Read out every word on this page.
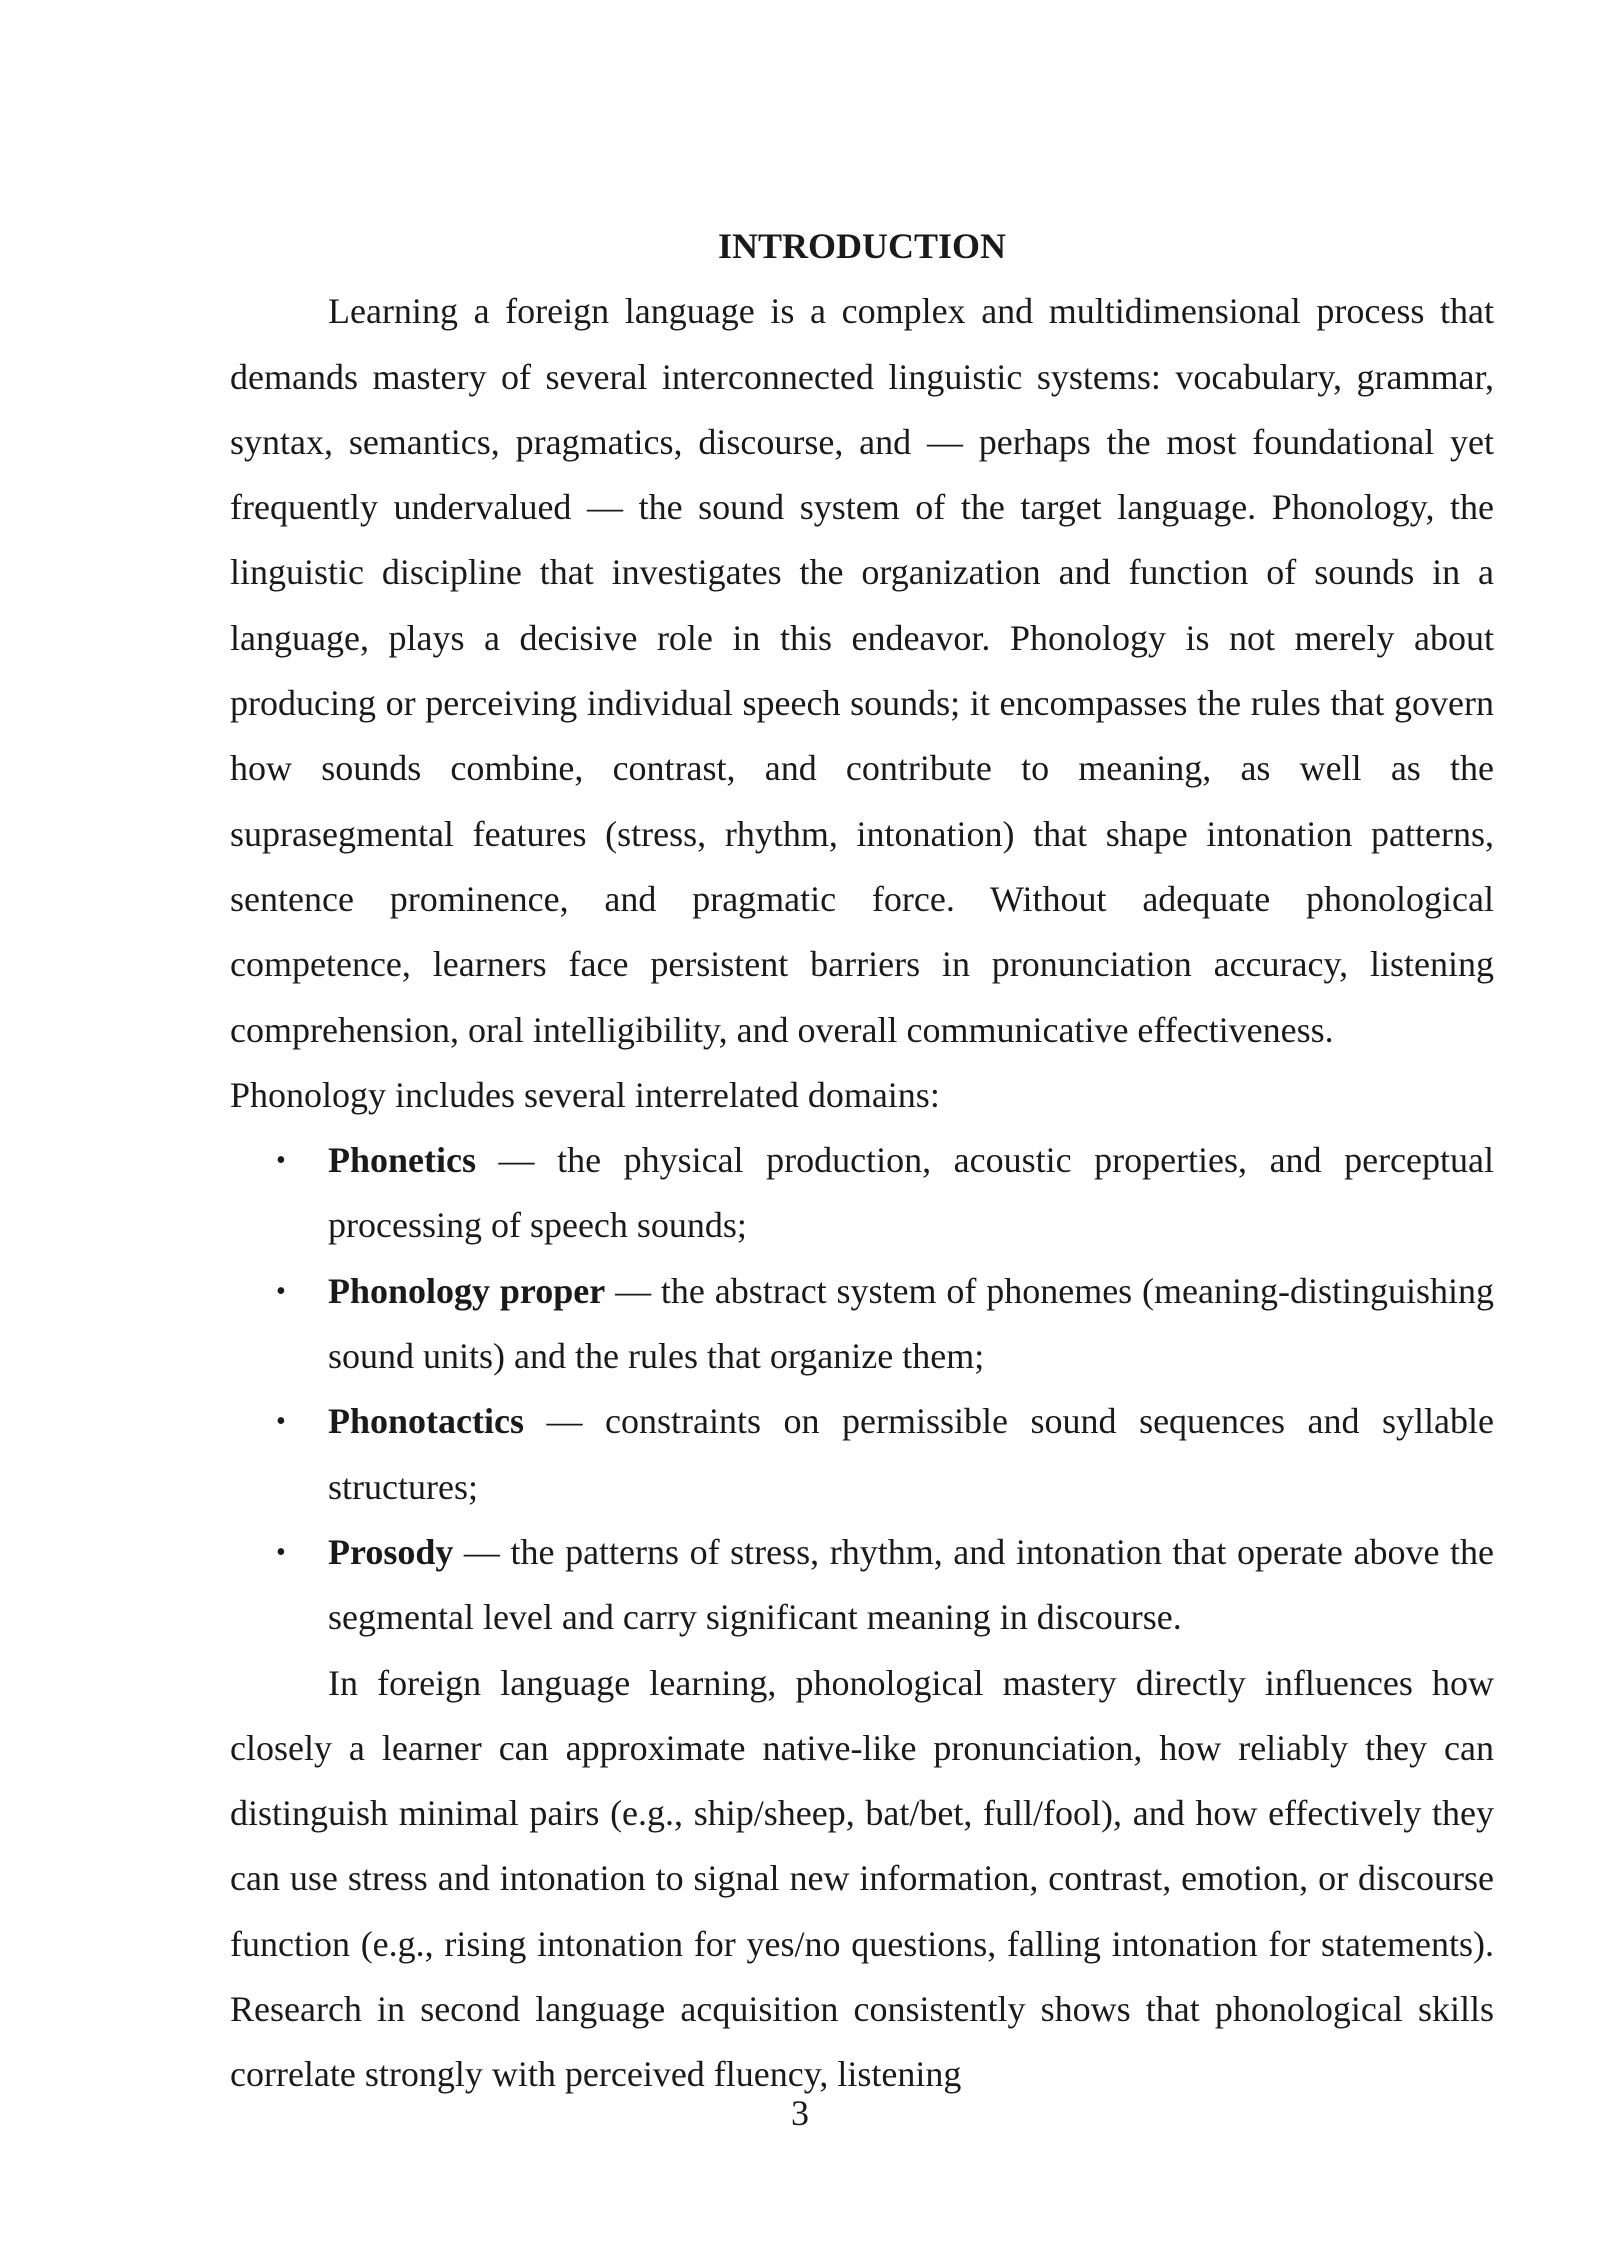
INTRODUCTION

Learning a foreign language is a complex and multidimensional process that demands mastery of several interconnected linguistic systems: vocabulary, grammar, syntax, semantics, pragmatics, discourse, and — perhaps the most foundational yet frequently undervalued — the sound system of the target language. Phonology, the linguistic discipline that investigates the organization and function of sounds in a language, plays a decisive role in this endeavor. Phonology is not merely about producing or perceiving individual speech sounds; it encompasses the rules that govern how sounds combine, contrast, and contribute to meaning, as well as the suprasegmental features (stress, rhythm, intonation) that shape intonation patterns, sentence prominence, and pragmatic force. Without adequate phonological competence, learners face persistent barriers in pronunciation accuracy, listening comprehension, oral intelligibility, and overall communicative effectiveness.

Phonology includes several interrelated domains:

• Phonetics — the physical production, acoustic properties, and perceptual processing of speech sounds;
• Phonology proper — the abstract system of phonemes (meaning-distinguishing sound units) and the rules that organize them;
• Phonotactics — constraints on permissible sound sequences and syllable structures;
• Prosody — the patterns of stress, rhythm, and intonation that operate above the segmental level and carry significant meaning in discourse.

In foreign language learning, phonological mastery directly influences how closely a learner can approximate native-like pronunciation, how reliably they can distinguish minimal pairs (e.g., ship/sheep, bat/bet, full/fool), and how effectively they can use stress and intonation to signal new information, contrast, emotion, or discourse function (e.g., rising intonation for yes/no questions, falling intonation for statements). Research in second language acquisition consistently shows that phonological skills correlate strongly with perceived fluency, listening

3
